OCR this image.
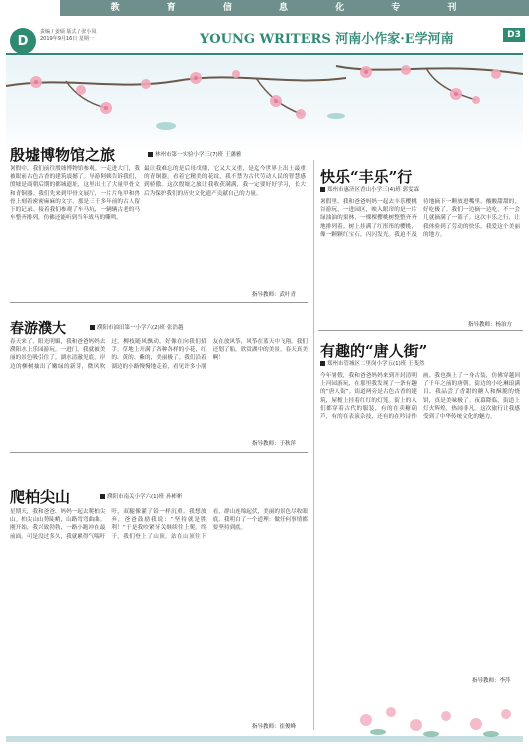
教 育 信 息 化 专 刊
D
责编 / 姜硕 版式 / 张小凤
2019年9月16日 星期一	YOUNG WRITERS 河南小作家·E学河南	D3
殷墟博物馆之旅	林州市第一实验小学三(7)班 王藩雅
暑假中，我们前往殷墟博物馆参观。一走进大门，我被眼前古色古香的建筑震撼了。导游阿姨告诉我们，殷墟是商朝后期的都城遗址，这里出土了大量甲骨文和青铜器。我们先来到甲骨文展厅，一片片龟甲和兽骨上刻着密密麻麻的文字，那是三千多年前的古人留下的记录。接着我们参观了车马坑，一辆辆古老的马车整齐排列，仿佛还能听到当年战马的嘶鸣。
最让我难忘的是后母戊鼎，它又大又重，是迄今世界上出土最重的青铜器。看着它精美的花纹，我不禁为古代劳动人民的智慧感到骄傲。这次殷墟之旅让我收获满满，我一定要好好学习，长大后为保护我们的历史文化遗产贡献自己的力量。
指导教师：武叶青
春游濮大	濮阳市油田第一小学六(2)班 张浩越
春天来了，阳光明媚，我和爸爸妈妈去濮阳水上乐园游玩。一进门，我就被美丽的景色吸引住了。湖水清澈见底，岸边的柳树抽出了嫩绿的新芽，微风吹过，柳枝随风飘动，好像在向我们招手。草地上开满了各种各样的小花，红的、黄的、紫的，美丽极了。我们沿着湖边的小路慢慢地走着，看见许多小朋友在放风筝，风筝在蓝天中飞翔。我们还划了船，欣赏湖中的美景。春天真美啊！
指导教师：于秋萍
爬柏尖山	濮阳市南关小学六(1)班 孙彬彬
星期天，我和爸爸、妈妈一起去爬柏尖山。柏尖山山势陡峭，山路弯弯曲曲。刚开始，我兴致勃勃，一路小跑冲在最前面。可是没过多久，我就累得气喘吁吁，双腿像灌了铅一样沉重。我想放弃，爸爸鼓励我说：“坚持就是胜利！”于是我咬紧牙关继续往上爬。终于，我们登上了山顶。站在山顶往下看，群山连绵起伏，美丽的景色尽收眼底。我明白了一个道理：做任何事情都要坚持到底。
指导教师：崔俊峰
快乐“丰乐”行
郑州市惠济区香山小学三(4)班 郭雯霖
暑假里，我和爸爸妈妈一起去丰乐樱桃谷游玩。一进园区，映入眼帘的是一片绿油油的果林，一棵棵樱桃树整整齐齐地排列着。树上挂满了红彤彤的樱桃，像一颗颗红宝石，闪闪发光。我迫不及待地摘下一颗放进嘴里，酸酸甜甜的，好吃极了。我们一边摘一边吃，不一会儿就摘满了一篮子。这次丰乐之行，让我体验到了劳动的快乐，我爱这个美丽的地方。
指导教师：杨治方
有趣的“唐人街”
郑州市管城区二里岗小学五(1)班 王斐然
今年暑假，我和爸爸妈妈来到开封清明上河园游玩，在那里我发现了一条有趣的“唐人街”。街道两旁是古色古香的建筑，屋檐上挂着红红的灯笼。街上的人们都穿着古代的服装，有的在卖糖葫芦，有的在表演杂技，还有的在吟诗作画。我也换上了一身古装，仿佛穿越回了千年之前的唐朝。街边的小吃琳琅满目，我品尝了香甜的糖人和酥脆的烧饼，真是美味极了。夜幕降临，街道上灯火辉煌，热闹非凡。这次旅行让我感受到了中华传统文化的魅力。
指导教师：李萍
